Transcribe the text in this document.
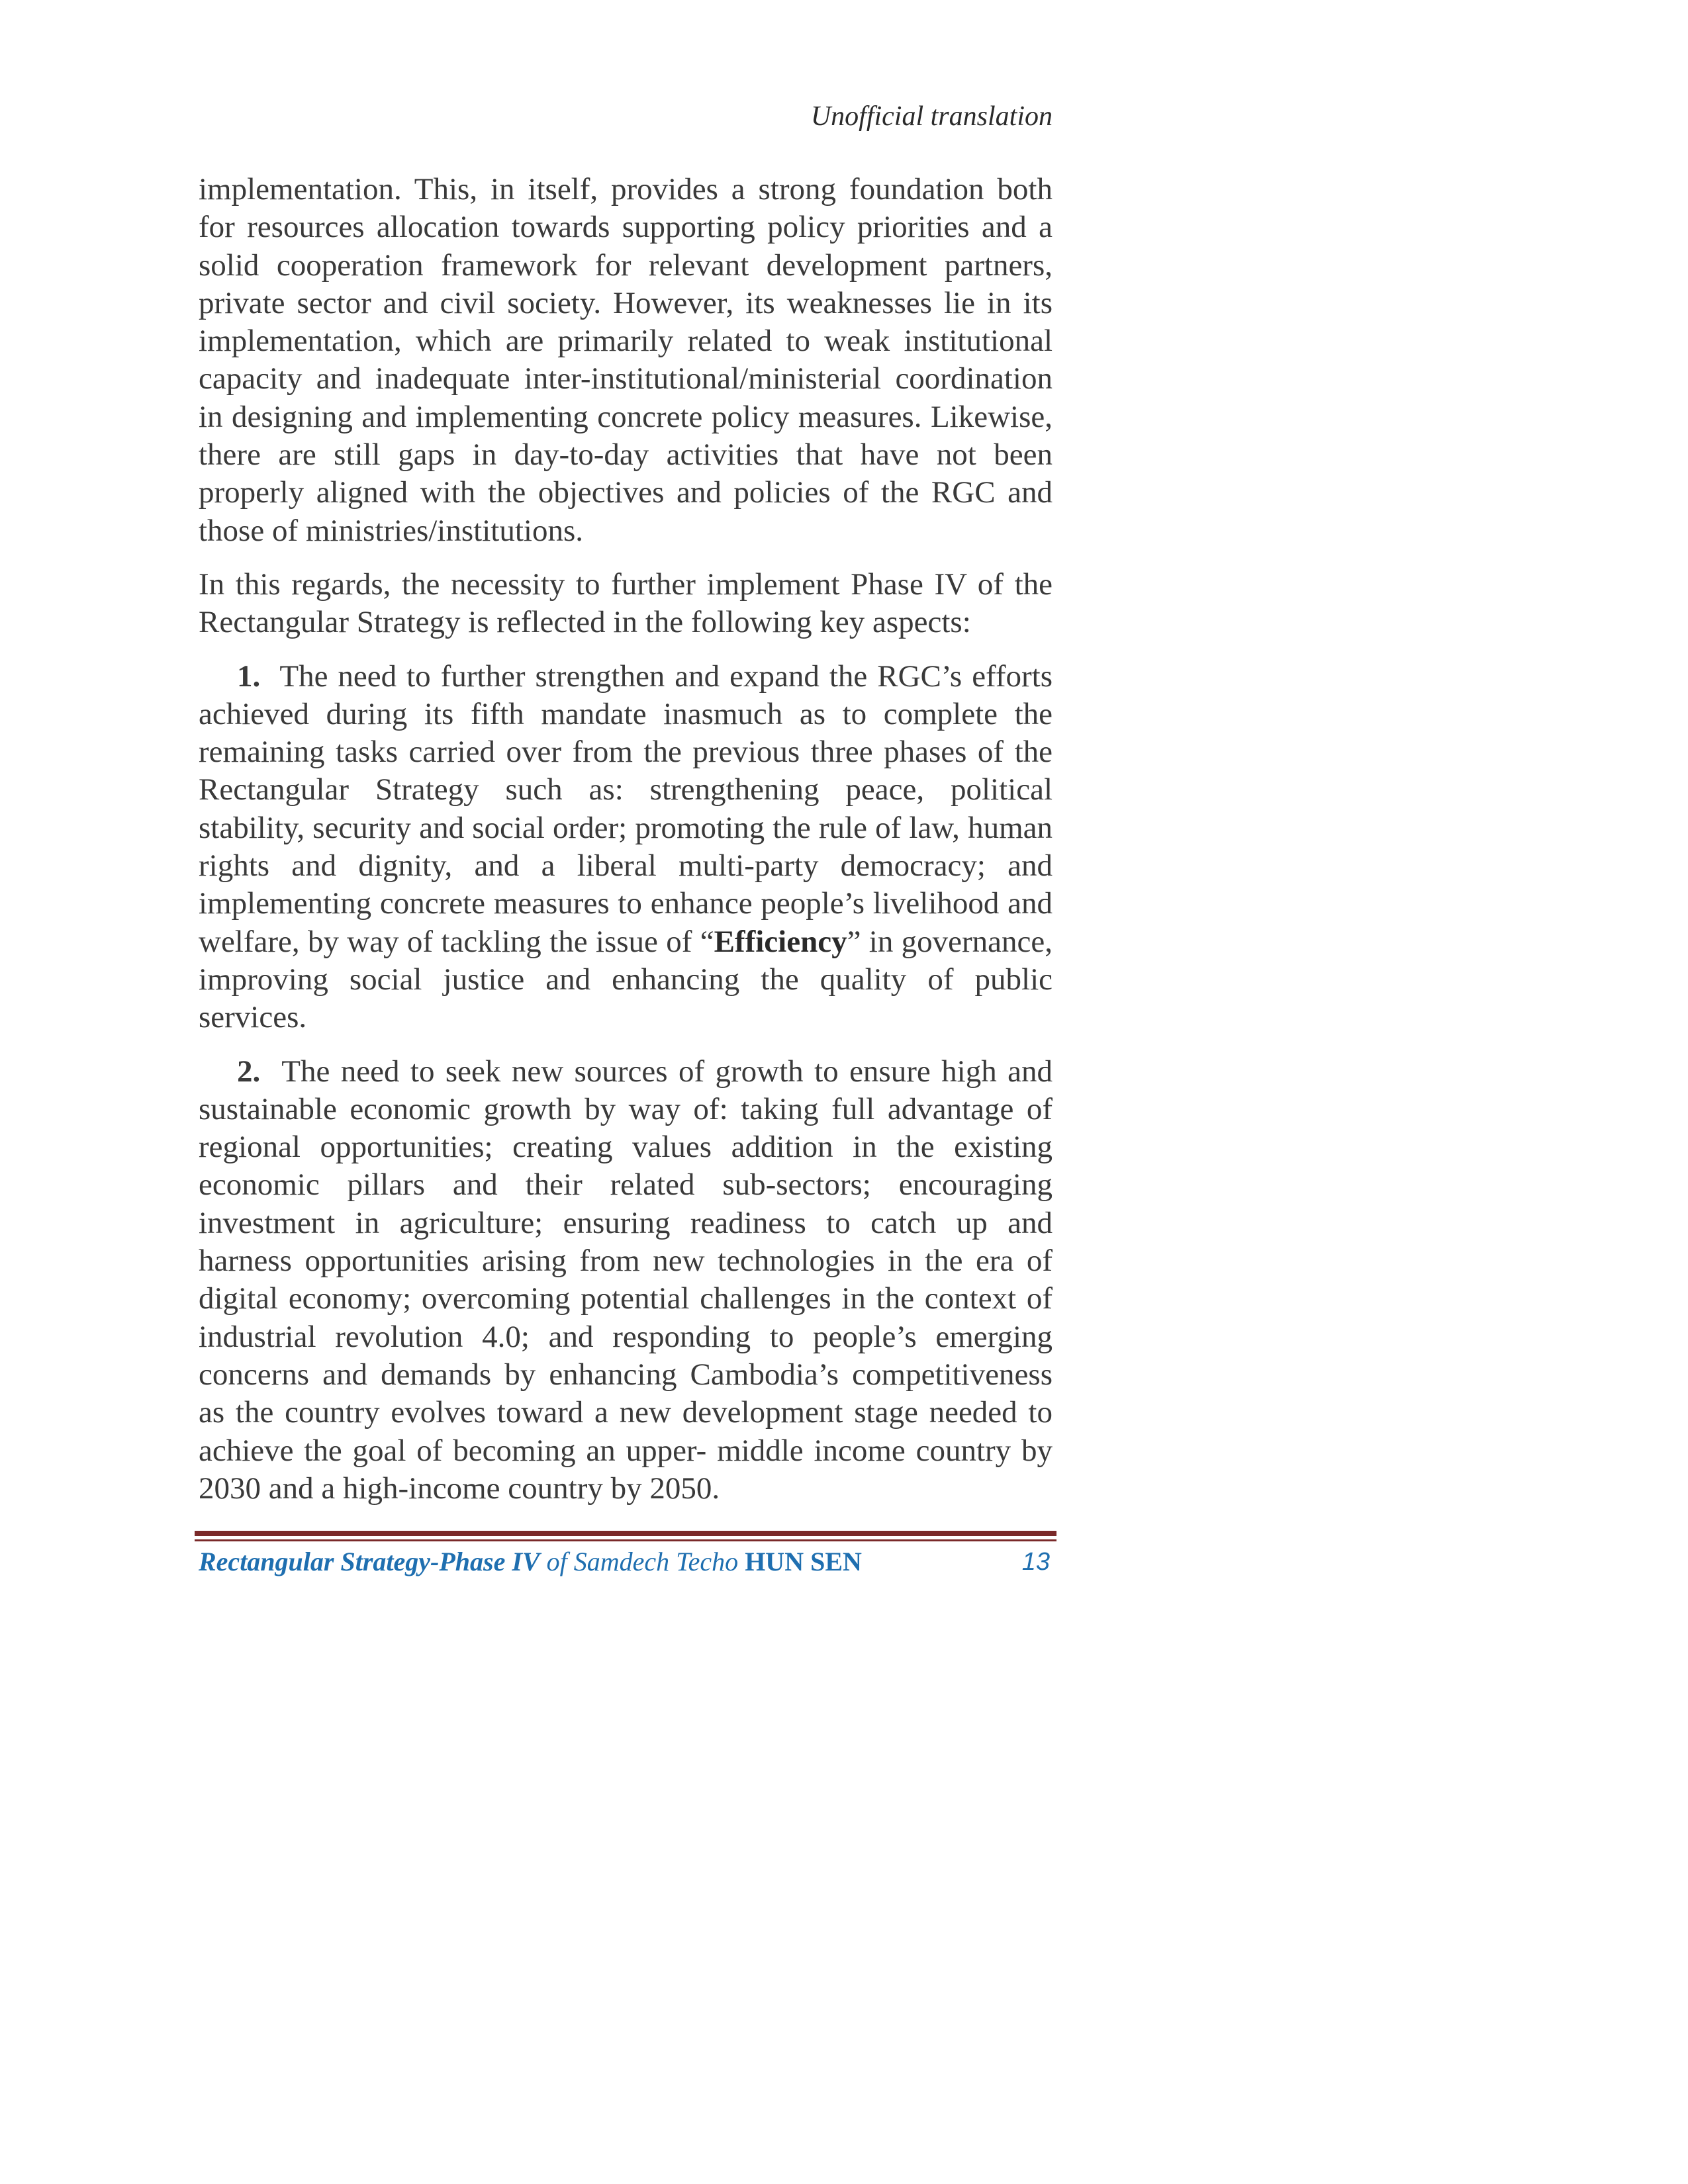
Unofficial translation

implementation. This, in itself, provides a strong foundation both for resources allocation towards supporting policy priorities and a solid cooperation framework for relevant development partners, private sector and civil society. However, its weaknesses lie in its implementation, which are primarily related to weak institutional capacity and inadequate inter-institutional/ministerial coordination in designing and implementing concrete policy measures. Likewise, there are still gaps in day-to-day activities that have not been properly aligned with the objectives and policies of the RGC and those of ministries/institutions.

In this regards, the necessity to further implement Phase IV of the Rectangular Strategy is reflected in the following key aspects:

1. The need to further strengthen and expand the RGC’s efforts achieved during its fifth mandate inasmuch as to complete the remaining tasks carried over from the previous three phases of the Rectangular Strategy such as: strengthening peace, political stability, security and social order; promoting the rule of law, human rights and dignity, and a liberal multi-party democracy; and implementing concrete measures to enhance people’s livelihood and welfare, by way of tackling the issue of “Efficiency” in governance, improving social justice and enhancing the quality of public services.

2. The need to seek new sources of growth to ensure high and sustainable economic growth by way of: taking full advantage of regional opportunities; creating values addition in the existing economic pillars and their related sub-sectors; encouraging investment in agriculture; ensuring readiness to catch up and harness opportunities arising from new technologies in the era of digital economy; overcoming potential challenges in the context of industrial revolution 4.0; and responding to people’s emerging concerns and demands by enhancing Cambodia’s competitiveness as the country evolves toward a new development stage needed to achieve the goal of becoming an upper- middle income country by 2030 and a high-income country by 2050.

Rectangular Strategy-Phase IV of Samdech Techo HUN SEN	13
